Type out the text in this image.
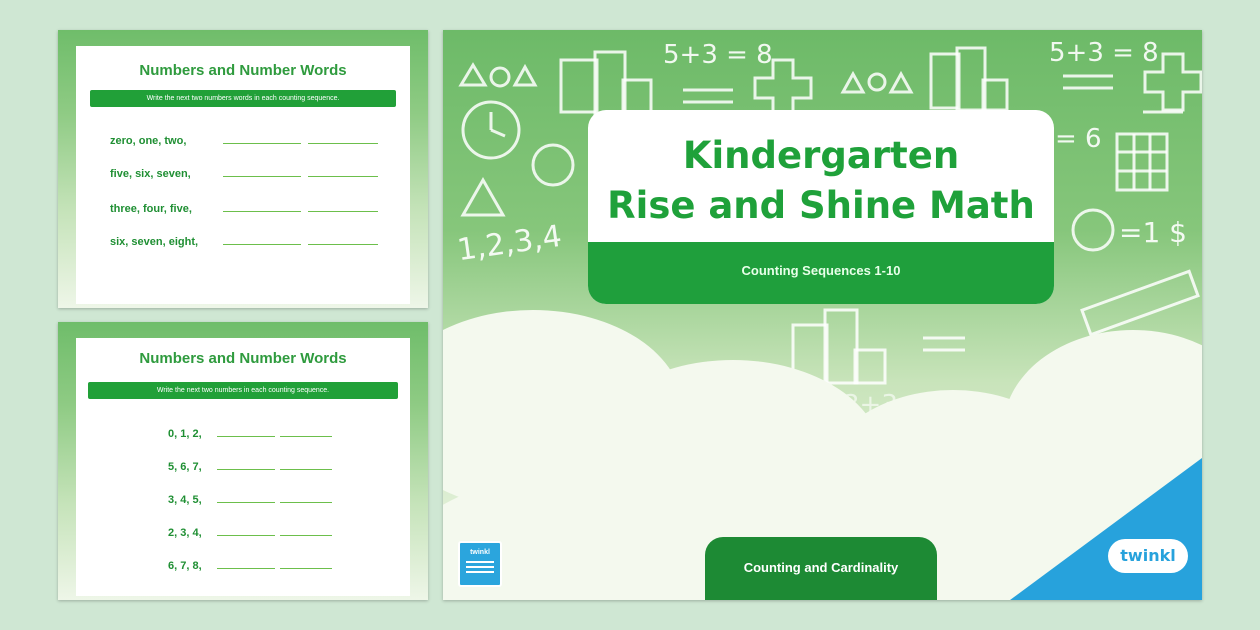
Numbers and Number Words
Write the next two numbers words in each counting sequence.
zero, one, two,
five, six, seven,
three, four, five,
six, seven, eight,
Numbers and Number Words
Write the next two numbers in each counting sequence.
0, 1, 2,
5, 6, 7,
3, 4, 5,
2, 3, 4,
6, 7, 8,
5+3 = 8	5+3 = 8
1,2,3,4
= 6
=1 $
Kindergarten
Rise and Shine Math
Counting Sequences 1-10
twinkl
twinkl
Counting and Cardinality
